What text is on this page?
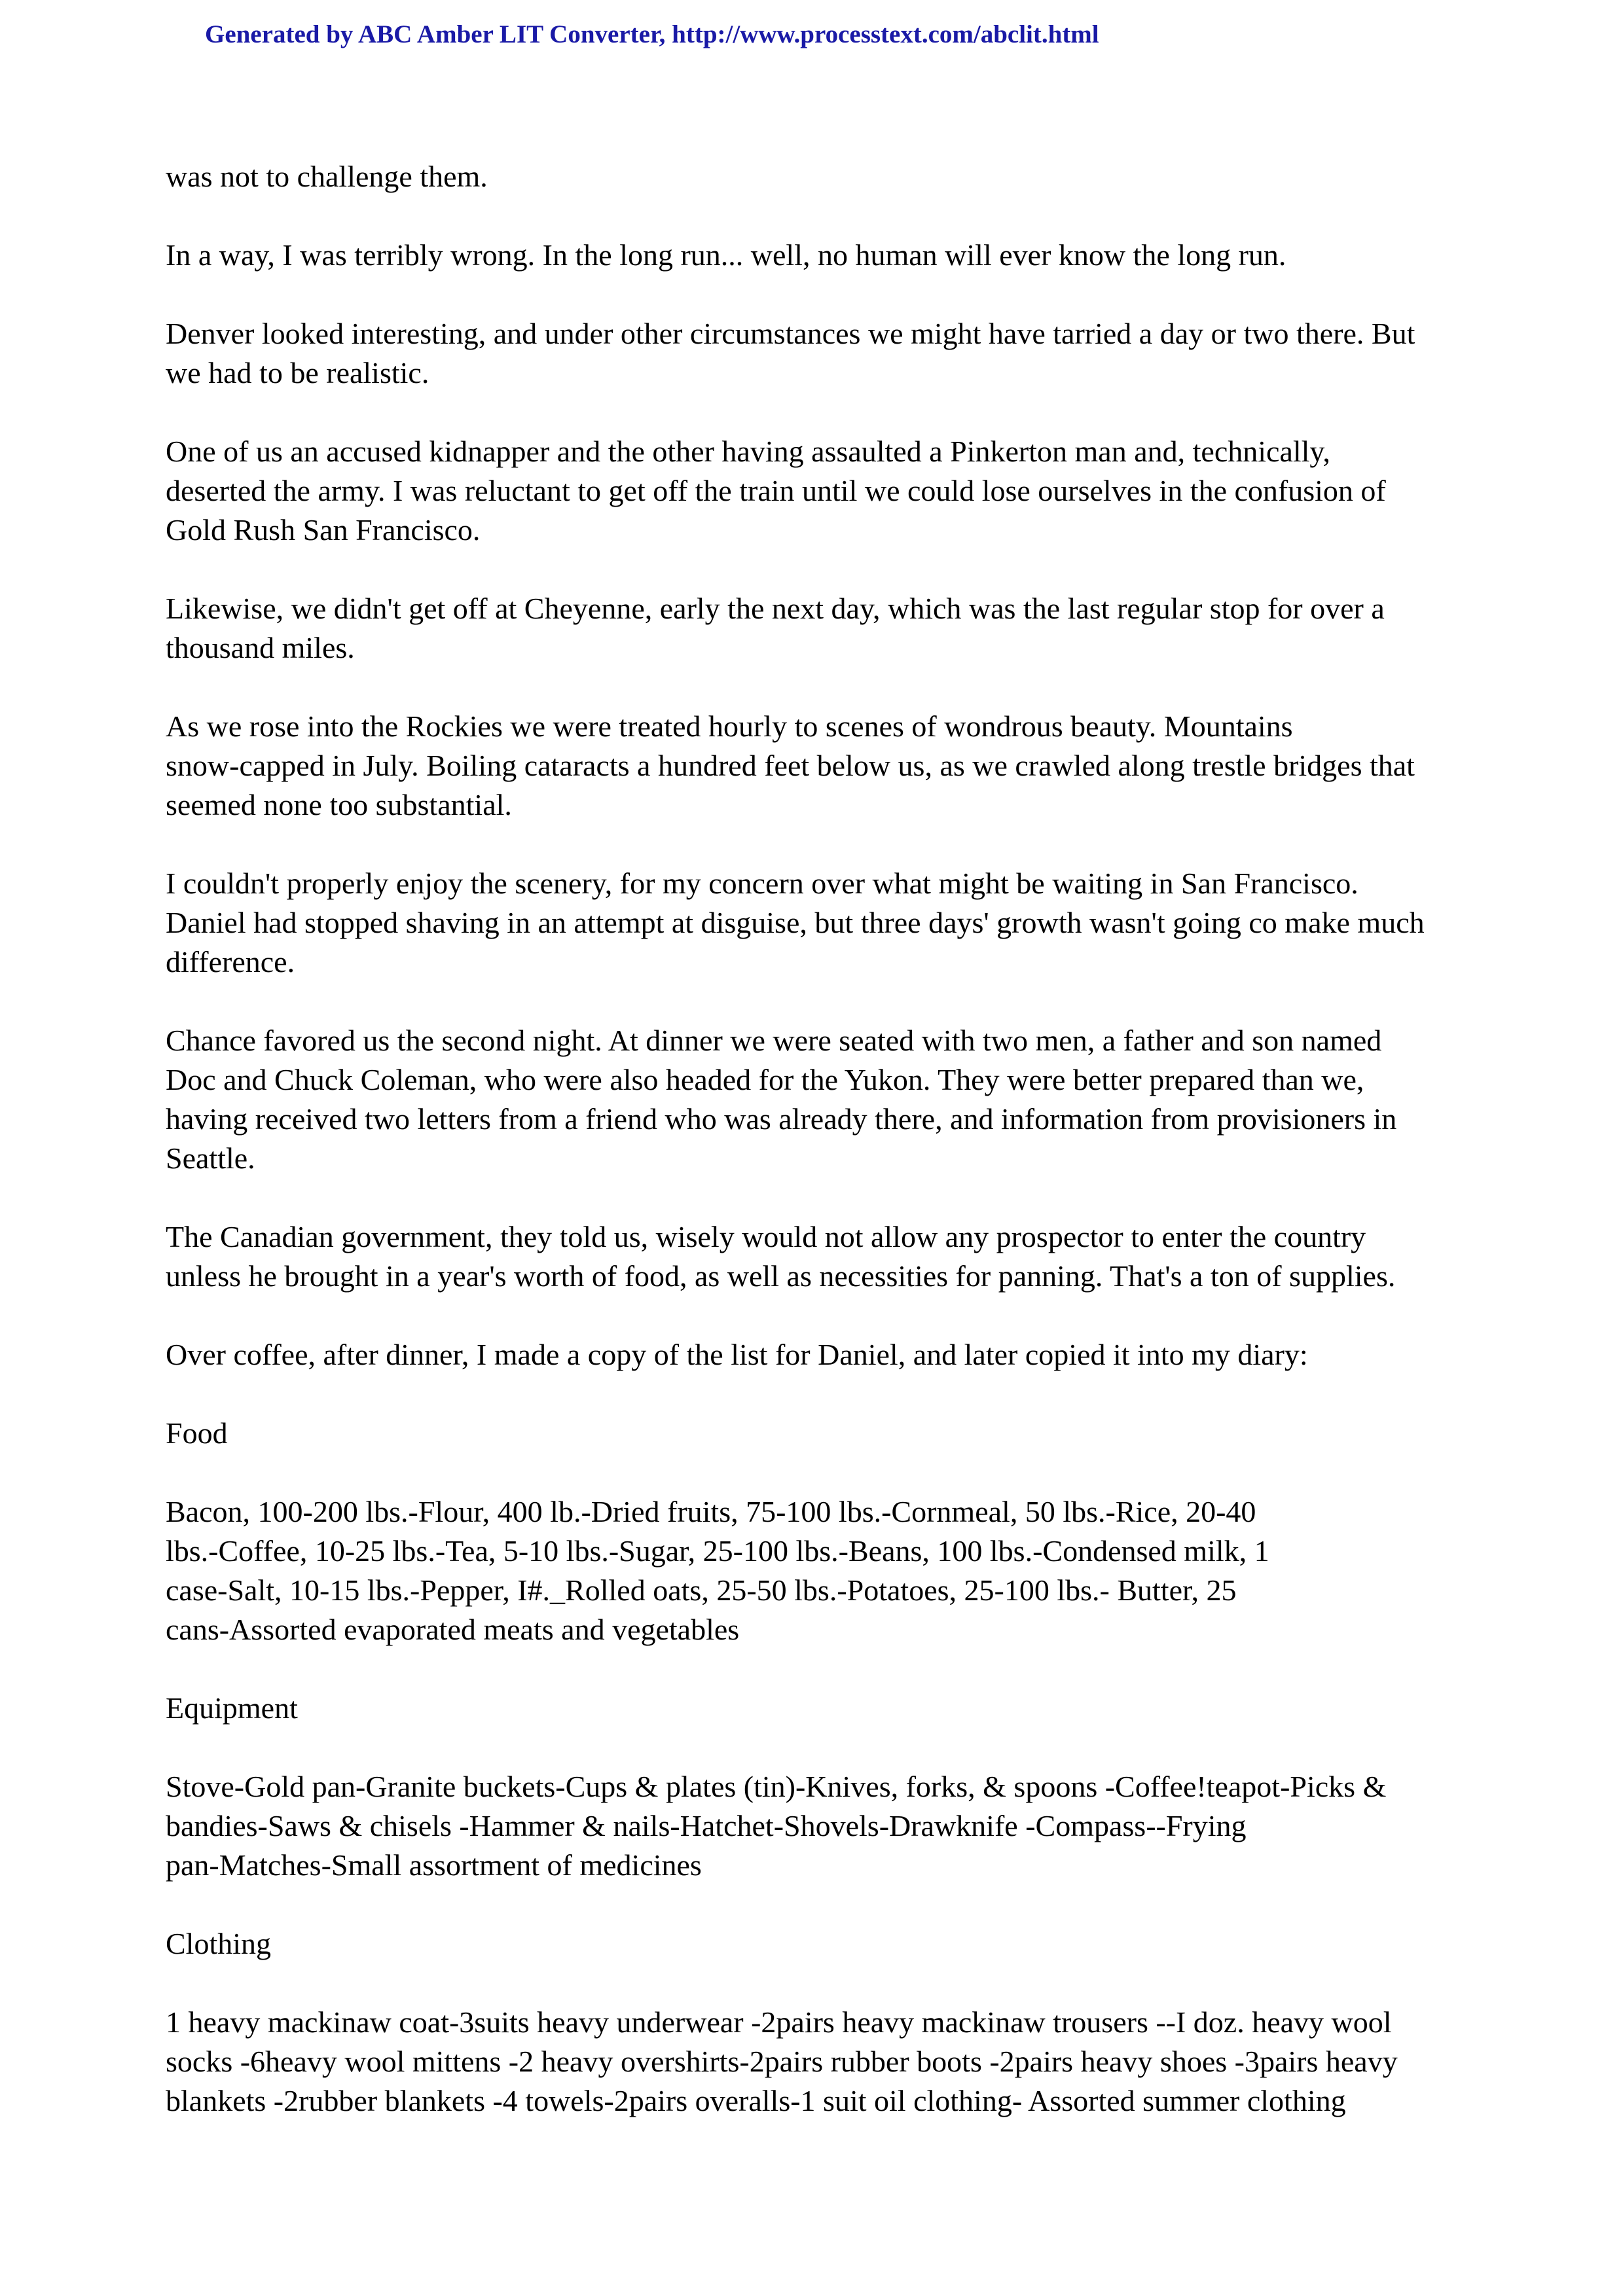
Generated by ABC Amber LIT Converter, http://www.processtext.com/abclit.html

was not to challenge them.

In a way, I was terribly wrong. In the long run... well, no human will ever know the long run.

Denver looked interesting, and under other circumstances we might have tarried a day or two there. But
we had to be realistic.

One of us an accused kidnapper and the other having assaulted a Pinkerton man and, technically,
deserted the army. I was reluctant to get off the train until we could lose ourselves in the confusion of
Gold Rush San Francisco.

Likewise, we didn't get off at Cheyenne, early the next day, which was the last regular stop for over a
thousand miles.

As we rose into the Rockies we were treated hourly to scenes of wondrous beauty. Mountains
snow-capped in July. Boiling cataracts a hundred feet below us, as we crawled along trestle bridges that
seemed none too substantial.

I couldn't properly enjoy the scenery, for my concern over what might be waiting in San Francisco.
Daniel had stopped shaving in an attempt at disguise, but three days' growth wasn't going co make much
difference.

Chance favored us the second night. At dinner we were seated with two men, a father and son named
Doc and Chuck Coleman, who were also headed for the Yukon. They were better prepared than we,
having received two letters from a friend who was already there, and information from provisioners in
Seattle.

The Canadian government, they told us, wisely would not allow any prospector to enter the country
unless he brought in a year's worth of food, as well as necessities for panning. That's a ton of supplies.

Over coffee, after dinner, I made a copy of the list for Daniel, and later copied it into my diary:

Food

Bacon, 100-200 lbs.-Flour, 400 lb.-Dried fruits, 75-100 lbs.-Cornmeal, 50 lbs.-Rice, 20-40
lbs.-Coffee, 10-25 lbs.-Tea, 5-10 lbs.-Sugar, 25-100 lbs.-Beans, 100 lbs.-Condensed milk, 1
case-Salt, 10-15 lbs.-Pepper, I#._Rolled oats, 25-50 lbs.-Potatoes, 25-100 lbs.- Butter, 25
cans-Assorted evaporated meats and vegetables

Equipment

Stove-Gold pan-Granite buckets-Cups & plates (tin)-Knives, forks, & spoons -Coffee!teapot-Picks &
bandies-Saws & chisels -Hammer & nails-Hatchet-Shovels-Drawknife -Compass--Frying
pan-Matches-Small assortment of medicines

Clothing

1 heavy mackinaw coat-3suits heavy underwear -2pairs heavy mackinaw trousers --I doz. heavy wool
socks -6heavy wool mittens -2 heavy overshirts-2pairs rubber boots -2pairs heavy shoes -3pairs heavy
blankets -2rubber blankets -4 towels-2pairs overalls-1 suit oil clothing- Assorted summer clothing
